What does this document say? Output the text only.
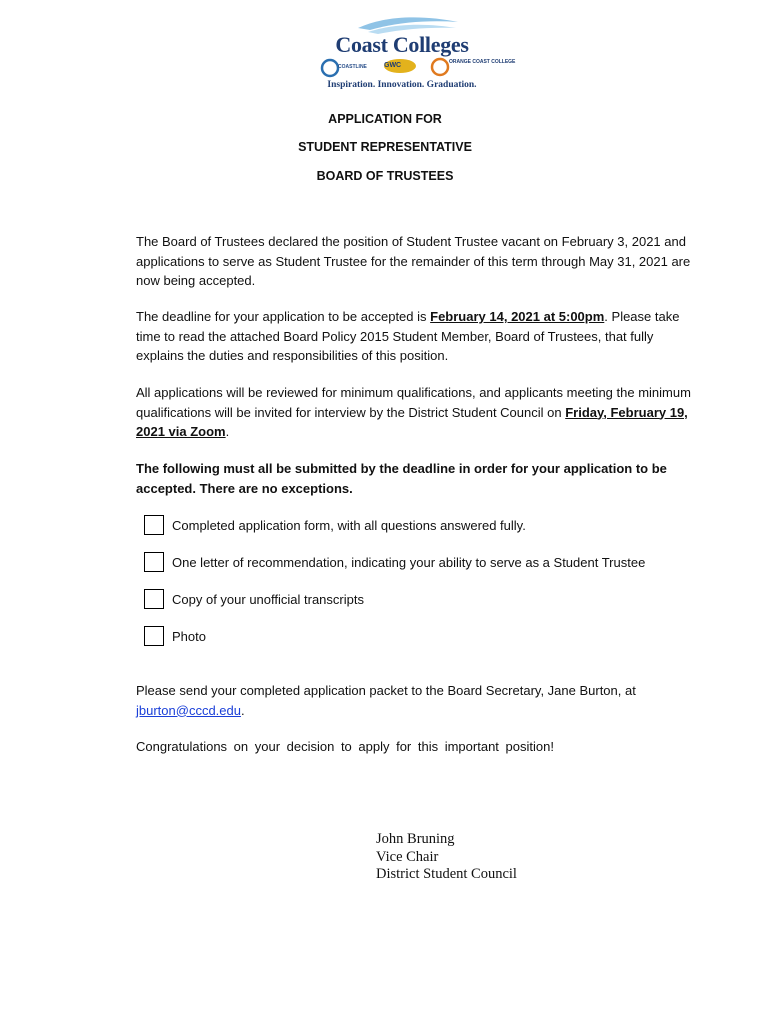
Coast Colleges
COASTLINE GWC	ORANGE COAST COLLEGE
Inspiration. Innovation. Graduation.
APPLICATION FOR
STUDENT REPRESENTATIVE
BOARD OF TRUSTEES
The Board of Trustees declared the position of Student Trustee vacant on February 3, 2021 and applications to serve as Student Trustee for the remainder of this term through May 31, 2021 are now being accepted.
The deadline for your application to be accepted is February 14, 2021 at 5:00pm. Please take time to read the attached Board Policy 2015 Student Member, Board of Trustees, that fully explains the duties and responsibilities of this position.
All applications will be reviewed for minimum qualifications, and applicants meeting the minimum qualifications will be invited for interview by the District Student Council on Friday, February 19, 2021 via Zoom.
The following must all be submitted by the deadline in order for your application to be accepted. There are no exceptions.
Completed application form, with all questions answered fully.
One letter of recommendation, indicating your ability to serve as a Student Trustee
Copy of your unofficial transcripts
Photo
Please send your completed application packet to the Board Secretary, Jane Burton, at jburton@cccd.edu.
Congratulations on your decision to apply for this important position!
John Bruning
Vice Chair
District Student Council
